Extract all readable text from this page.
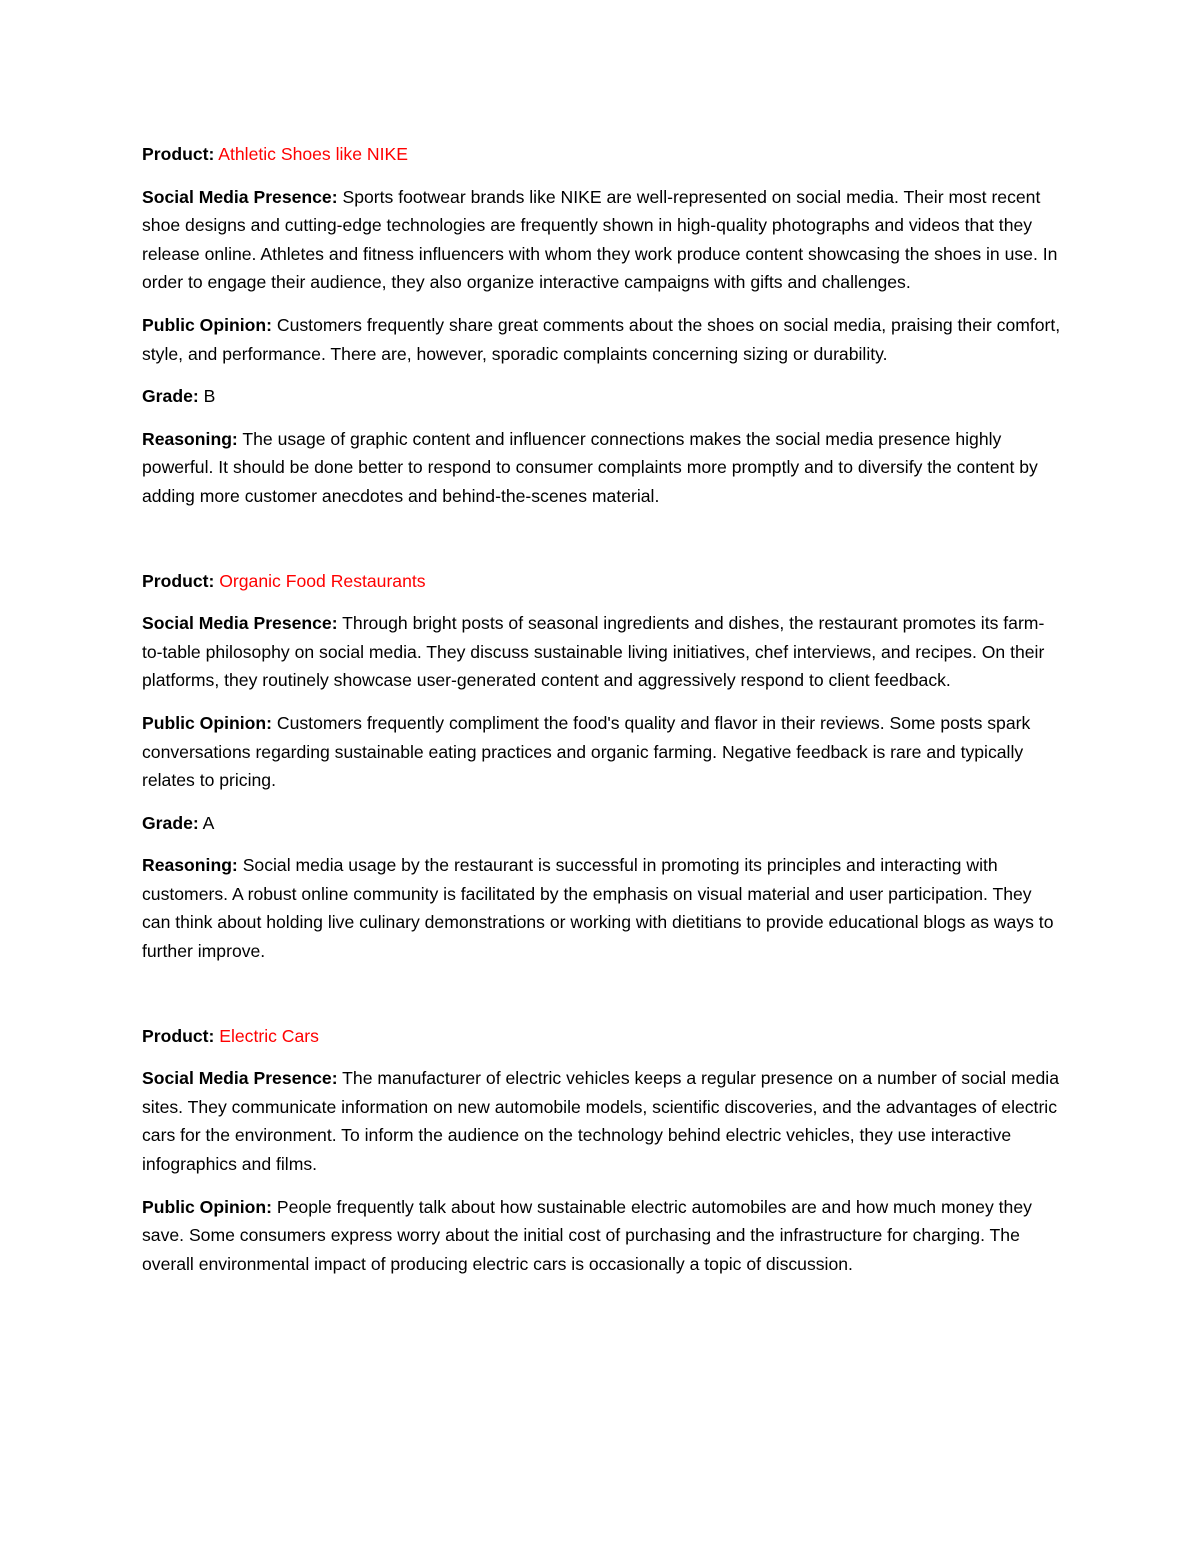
Product: Athletic Shoes like NIKE

Social Media Presence: Sports footwear brands like NIKE are well-represented on social media. Their most recent shoe designs and cutting-edge technologies are frequently shown in high-quality photographs and videos that they release online. Athletes and fitness influencers with whom they work produce content showcasing the shoes in use. In order to engage their audience, they also organize interactive campaigns with gifts and challenges.

Public Opinion: Customers frequently share great comments about the shoes on social media, praising their comfort, style, and performance. There are, however, sporadic complaints concerning sizing or durability.

Grade: B

Reasoning: The usage of graphic content and influencer connections makes the social media presence highly powerful. It should be done better to respond to consumer complaints more promptly and to diversify the content by adding more customer anecdotes and behind-the-scenes material.

Product: Organic Food Restaurants

Social Media Presence: Through bright posts of seasonal ingredients and dishes, the restaurant promotes its farm-to-table philosophy on social media. They discuss sustainable living initiatives, chef interviews, and recipes. On their platforms, they routinely showcase user-generated content and aggressively respond to client feedback.

Public Opinion: Customers frequently compliment the food's quality and flavor in their reviews. Some posts spark conversations regarding sustainable eating practices and organic farming. Negative feedback is rare and typically relates to pricing.

Grade: A

Reasoning: Social media usage by the restaurant is successful in promoting its principles and interacting with customers. A robust online community is facilitated by the emphasis on visual material and user participation. They can think about holding live culinary demonstrations or working with dietitians to provide educational blogs as ways to further improve.

Product: Electric Cars

Social Media Presence: The manufacturer of electric vehicles keeps a regular presence on a number of social media sites. They communicate information on new automobile models, scientific discoveries, and the advantages of electric cars for the environment. To inform the audience on the technology behind electric vehicles, they use interactive infographics and films.

Public Opinion: People frequently talk about how sustainable electric automobiles are and how much money they save. Some consumers express worry about the initial cost of purchasing and the infrastructure for charging. The overall environmental impact of producing electric cars is occasionally a topic of discussion.
